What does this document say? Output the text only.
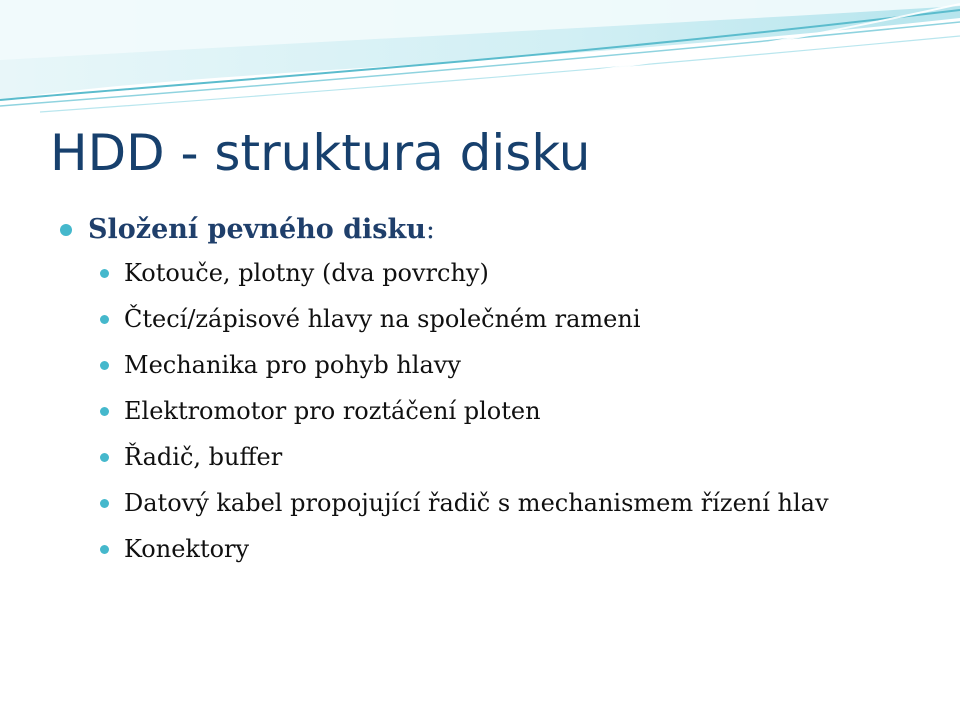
HDD - struktura disku
Složení pevného disku:
Kotouče, plotny (dva povrchy)
Čtecí/zápisové hlavy na společném rameni
Mechanika pro pohyb hlavy
Elektromotor pro roztáčení ploten
Řadič, buffer
Datový kabel propojující řadič s mechanismem řízení hlav
Konektory
